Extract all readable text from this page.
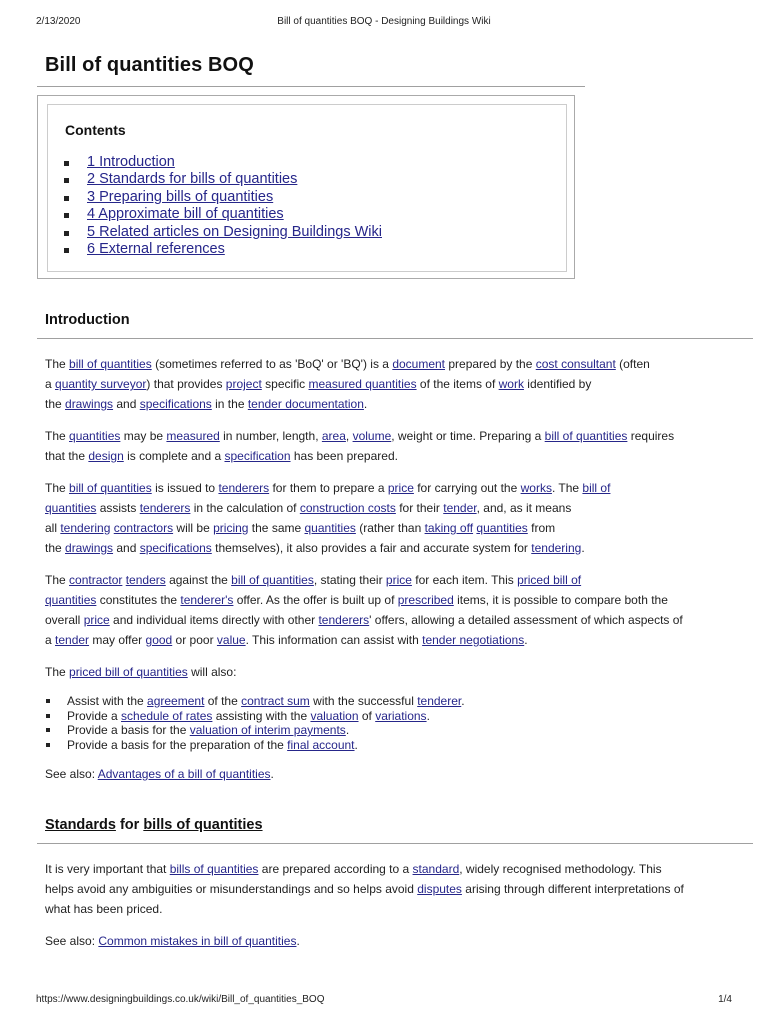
2/13/2020	Bill of quantities BOQ - Designing Buildings Wiki
Bill of quantities BOQ
Contents
1 Introduction
2 Standards for bills of quantities
3 Preparing bills of quantities
4 Approximate bill of quantities
5 Related articles on Designing Buildings Wiki
6 External references
Introduction

The bill of quantities (sometimes referred to as 'BoQ' or 'BQ') is a document prepared by the cost consultant (often
a quantity surveyor) that provides project specific measured quantities of the items of work identified by
the drawings and specifications in the tender documentation.

The quantities may be measured in number, length, area, volume, weight or time. Preparing a bill of quantities requires
that the design is complete and a specification has been prepared.

The bill of quantities is issued to tenderers for them to prepare a price for carrying out the works. The bill of
quantities assists tenderers in the calculation of construction costs for their tender, and, as it means
all tendering contractors will be pricing the same quantities (rather than taking off quantities from
the drawings and specifications themselves), it also provides a fair and accurate system for tendering.

The contractor tenders against the bill of quantities, stating their price for each item. This priced bill of
quantities constitutes the tenderer's offer. As the offer is built up of prescribed items, it is possible to compare both the
overall price and individual items directly with other tenderers' offers, allowing a detailed assessment of which aspects of
a tender may offer good or poor value. This information can assist with tender negotiations.

The priced bill of quantities will also:

Assist with the agreement of the contract sum with the successful tenderer.
Provide a schedule of rates assisting with the valuation of variations.
Provide a basis for the valuation of interim payments.
Provide a basis for the preparation of the final account.

See also: Advantages of a bill of quantities.

Standards for bills of quantities

It is very important that bills of quantities are prepared according to a standard, widely recognised methodology. This
helps avoid any ambiguities or misunderstandings and so helps avoid disputes arising through different interpretations of
what has been priced.

See also: Common mistakes in bill of quantities.

https://www.designingbuildings.co.uk/wiki/Bill_of_quantities_BOQ	1/4
